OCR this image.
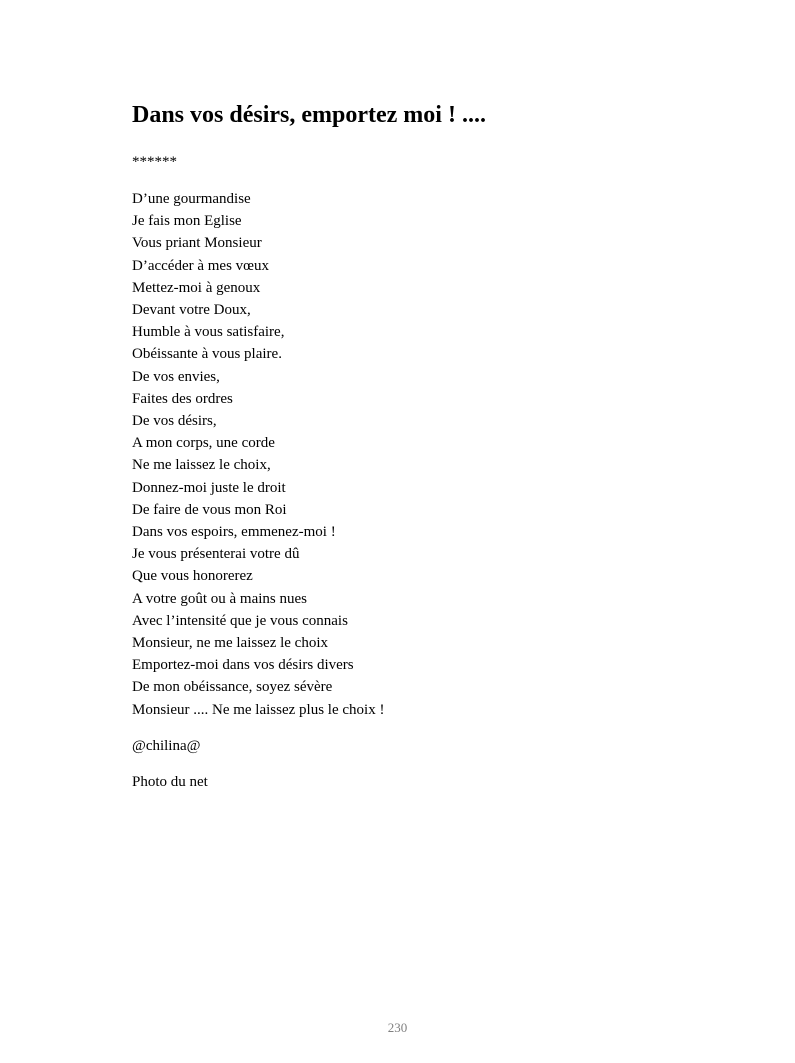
Dans vos désirs, emportez moi ! ....
******
D’une gourmandise
Je fais mon Eglise
Vous priant Monsieur
D’accéder à mes vœux
Mettez-moi à genoux
Devant votre Doux,
Humble à vous satisfaire,
Obéissante à vous plaire.
De vos envies,
Faites des ordres
De vos désirs,
A mon corps, une corde
Ne me laissez le choix,
Donnez-moi juste le droit
De faire de vous mon Roi
Dans vos espoirs, emmenez-moi !
Je vous présenterai votre dû
Que vous honorerez
A votre goût ou à mains nues
Avec l’intensité que je vous connais
Monsieur, ne me laissez le choix
Emportez-moi dans vos désirs divers
De mon obéissance, soyez sévère
Monsieur .... Ne me laissez plus le choix !
@chilina@
Photo du net
230
